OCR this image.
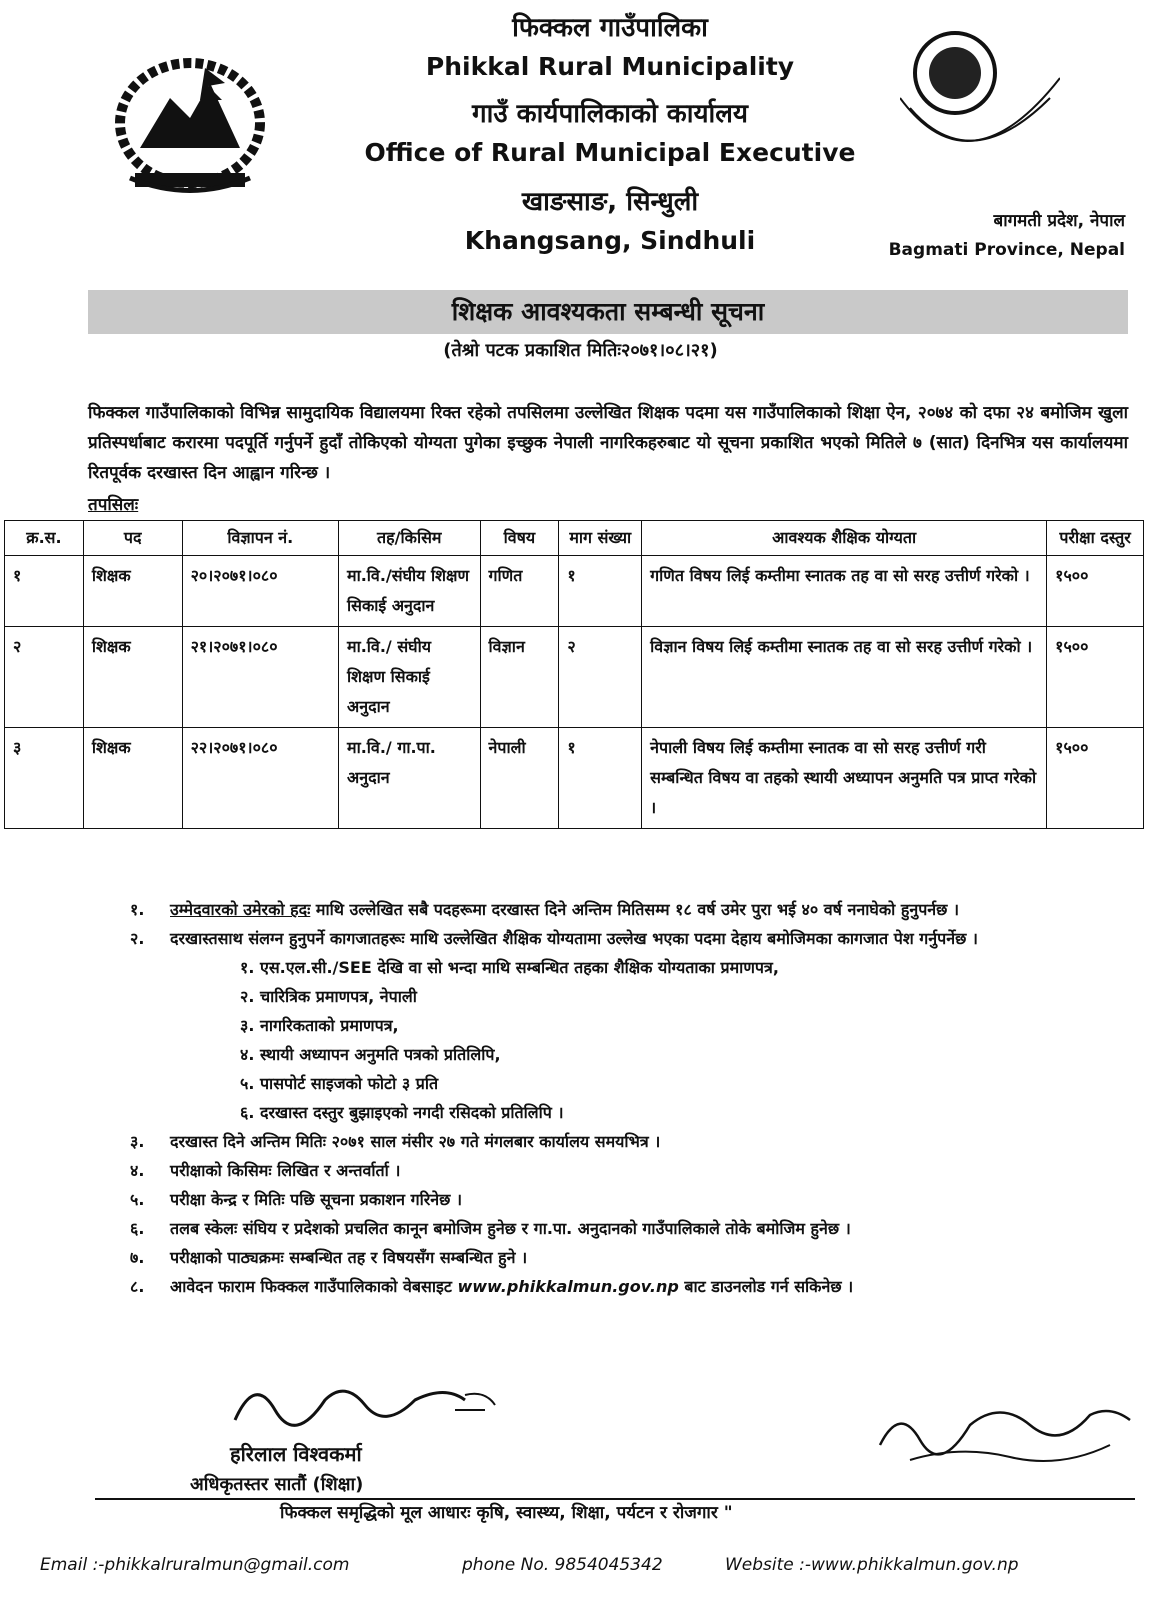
फिक्कल गाउँपालिका
Phikkal Rural Municipality
गाउँ कार्यपालिकाको कार्यालय
Office of Rural Municipal Executive
खाङसाङ, सिन्धुली
Khangsang, Sindhuli
बागमती प्रदेश, नेपाल
Bagmati Province, Nepal
शिक्षक आवश्यकता सम्बन्धी सूचना
(तेश्रो पटक प्रकाशित मितिः२०७१।०८।२१)
फिक्कल गाउँपालिकाको विभिन्न सामुदायिक विद्यालयमा रिक्त रहेको तपसिलमा उल्लेखित शिक्षक पदमा यस गाउँपालिकाको शिक्षा ऐन, २०७४ को दफा २४ बमोजिम खुला प्रतिस्पर्धाबाट करारमा पदपूर्ति गर्नुपर्ने हुदाँ तोकिएको योग्यता पुगेका इच्छुक नेपाली नागरिकहरुबाट यो सूचना प्रकाशित भएको मितिले ७ (सात) दिनभित्र यस कार्यालयमा रितपूर्वक दरखास्त दिन आह्वान गरिन्छ ।
तपसिलः
क्र.स.	पद	विज्ञापन नं.	तह/किसिम	विषय	माग संख्या	आवश्यक शैक्षिक योग्यता	परीक्षा दस्तुर
१	शिक्षक	२०।२०७१।०८०	मा.वि./संघीय शिक्षण सिकाई अनुदान	गणित	१	गणित विषय लिई कम्तीमा स्नातक तह वा सो सरह उत्तीर्ण गरेको ।	१५००
२	शिक्षक	२१।२०७१।०८०	मा.वि./ संघीय शिक्षण सिकाई अनुदान	विज्ञान	२	विज्ञान विषय लिई कम्तीमा स्नातक तह वा सो सरह उत्तीर्ण गरेको ।	१५००
३	शिक्षक	२२।२०७१।०८०	मा.वि./ गा.पा. अनुदान	नेपाली	१	नेपाली विषय लिई कम्तीमा स्नातक वा सो सरह उत्तीर्ण गरी सम्बन्धित विषय वा तहको स्थायी अध्यापन अनुमति पत्र प्राप्त गरेको ।	१५००
१.	उम्मेदवारको उमेरको हदः माथि उल्लेखित सबै पदहरूमा दरखास्त दिने अन्तिम मितिसम्म १८ वर्ष उमेर पुरा भई ४० वर्ष ननाघेको हुनुपर्नछ ।
२.	दरखास्तसाथ संलग्न हुनुपर्ने कागजातहरूः माथि उल्लेखित शैक्षिक योग्यतामा उल्लेख भएका पदमा देहाय बमोजिमका कागजात पेश गर्नुपर्नेछ ।
१. एस.एल.सी./SEE देखि वा सो भन्दा माथि सम्बन्धित तहका शैक्षिक योग्यताका प्रमाणपत्र,
२. चारित्रिक प्रमाणपत्र, नेपाली
३. नागरिकताको प्रमाणपत्र,
४. स्थायी अध्यापन अनुमति पत्रको प्रतिलिपि,
५. पासपोर्ट साइजको फोटो ३ प्रति
६. दरखास्त दस्तुर बुझाइएको नगदी रसिदको प्रतिलिपि ।
३.	दरखास्त दिने अन्तिम मितिः २०७१ साल मंसीर २७ गते मंगलबार कार्यालय समयभित्र ।
४.	परीक्षाको किसिमः लिखित र अन्तर्वार्ता ।
५.	परीक्षा केन्द्र र मितिः पछि सूचना प्रकाशन गरिनेछ ।
६.	तलब स्केलः संघिय र प्रदेशको प्रचलित कानून बमोजिम हुनेछ र गा.पा. अनुदानको गाउँपालिकाले तोके बमोजिम हुनेछ ।
७.	परीक्षाको पाठ्यक्रमः सम्बन्धित तह र विषयसँग सम्बन्धित हुने ।
८.	आवेदन फाराम फिक्कल गाउँपालिकाको वेबसाइट www.phikkalmun.gov.np बाट डाउनलोड गर्न सकिनेछ ।
हरिलाल विश्वकर्मा
अधिकृतस्तर सातौं (शिक्षा)
फिक्कल समृद्धिको मूल आधारः कृषि, स्वास्थ्य, शिक्षा, पर्यटन र रोजगार "
Email :-phikkalruralmun@gmail.com	phone No. 9854045342	Website :-www.phikkalmun.gov.np
